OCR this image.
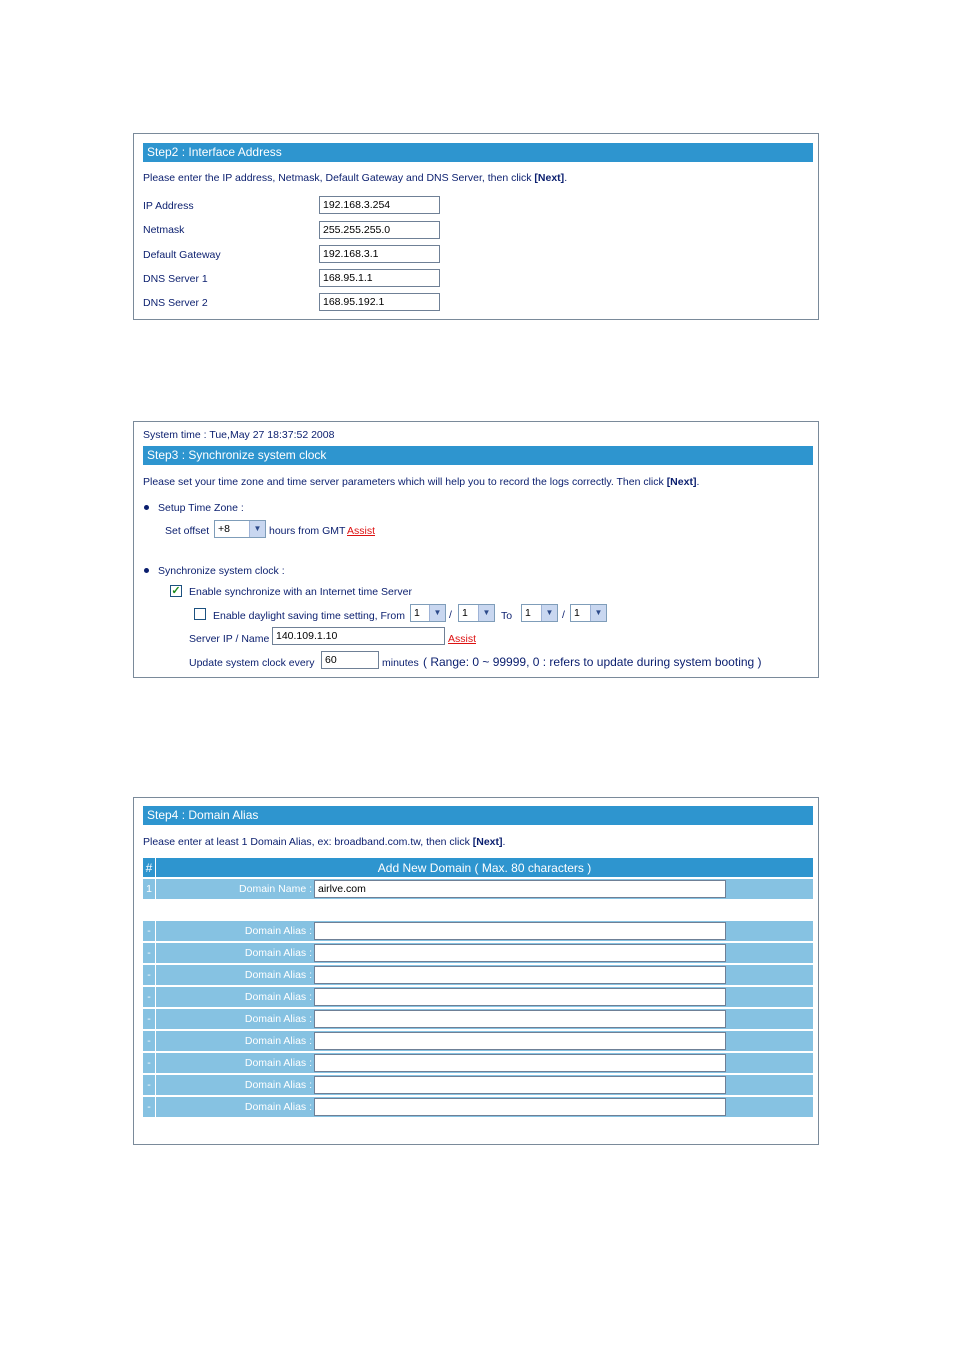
Step2 : Interface Address
Please enter the IP address, Netmask, Default Gateway and DNS Server, then click [Next].
IP Address	192.168.3.254
Netmask	255.255.255.0
Default Gateway	192.168.3.1
DNS Server 1	168.95.1.1
DNS Server 2	168.95.192.1
System time : Tue,May 27 18:37:52 2008
Step3 : Synchronize system clock
Please set your time zone and time server parameters which will help you to record the logs correctly. Then click [Next].
Setup Time Zone :
Set offset +8	▼ hours from GMT Assist
Synchronize system clock :
✓ Enable synchronize with an Internet time Server
Enable daylight saving time setting, From 1	▼ / 1	▼	To	1	▼ / 1	▼
Server IP / Name 140.109.1.10	Assist
Update system clock every	60	minutes ( Range: 0 ~ 99999, 0 : refers to update during system booting )
Step4 : Domain Alias
Please enter at least 1 Domain Alias, ex: broadband.com.tw, then click [Next].
#	Add New Domain ( Max. 80 characters )		
1	Domain Name :	airlve.com	

-	Domain Alias :	

-	Domain Alias :	

-	Domain Alias :	

-	Domain Alias :	

-	Domain Alias :	

-	Domain Alias :	

-	Domain Alias :	

-	Domain Alias :	

-	Domain Alias :	
